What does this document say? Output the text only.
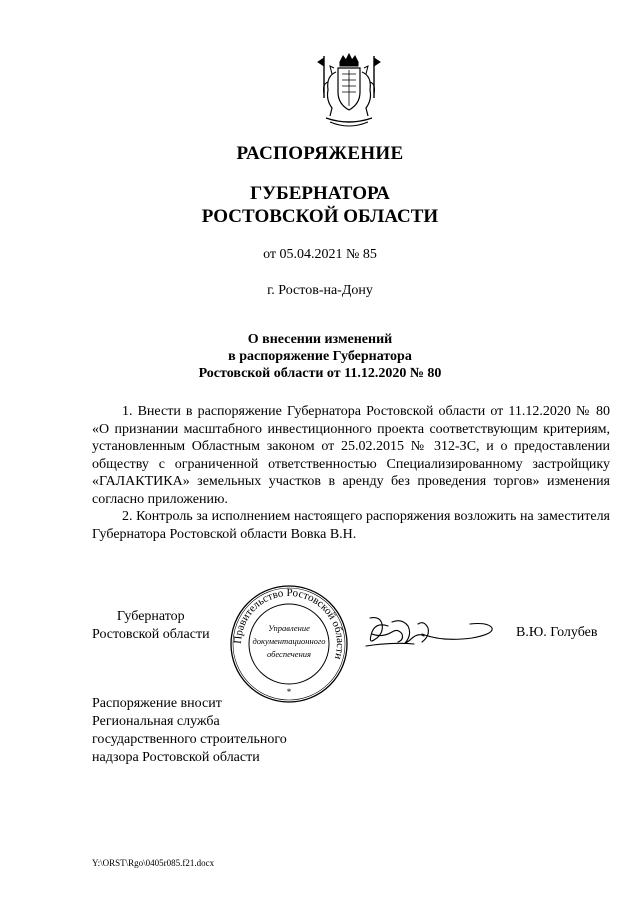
РАСПОРЯЖЕНИЕ
ГУБЕРНАТОРА
РОСТОВСКОЙ ОБЛАСТИ

от 05.04.2021 № 85

г. Ростов-на-Дону

О внесении изменений
в распоряжение Губернатора
Ростовской области от 11.12.2020 № 80

1. Внести в распоряжение Губернатора Ростовской области от 11.12.2020 № 80 «О признании масштабного инвестиционного проекта соответствующим критериям, установленным Областным законом от 25.02.2015 № 312-ЗС, и о предоставлении обществу с ограниченной ответственностью Специализированному застройщику «ГАЛАКТИКА» земельных участков в аренду без проведения торгов» изменения согласно приложению.

2. Контроль за исполнением настоящего распоряжения возложить на заместителя Губернатора Ростовской области Вовка В.Н.

Губернатор
Ростовской области Правительство Ростовской области
Управление
документационного
обеспечения
*
В.Ю. Голубев
Распоряжение вносит
Региональная служба
государственного строительного
надзора Ростовской области
Y:\ORST\Rgo\0405r085.f21.docx
